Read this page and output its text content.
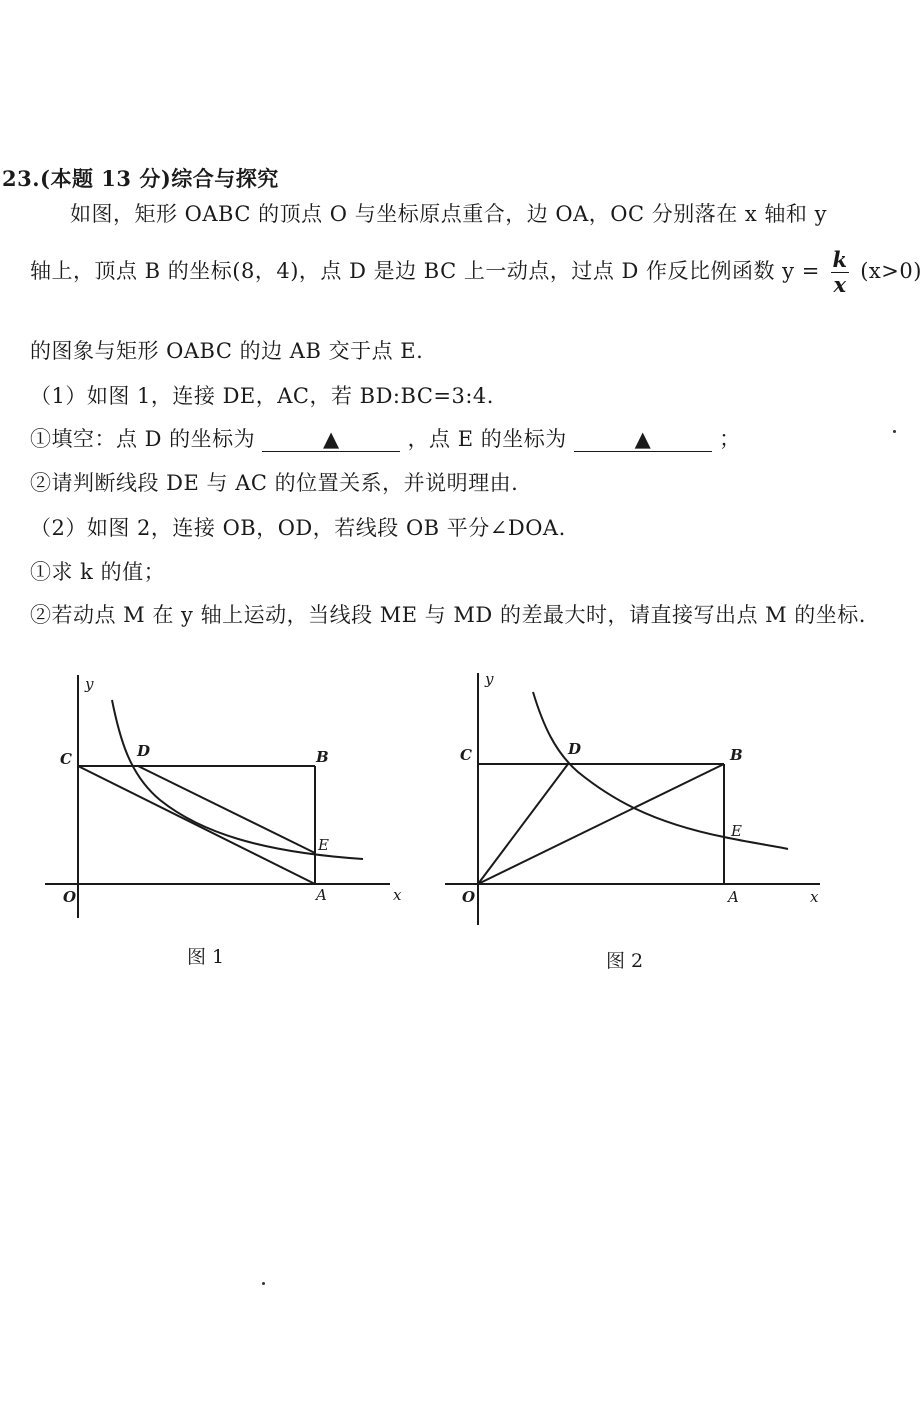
23.(本题 13 分)综合与探究
如图，矩形 OABC 的顶点 O 与坐标原点重合，边 OA，OC 分别落在 x 轴和 y
轴上，顶点 B 的坐标(8，4)，点 D 是边 BC 上一动点，过点 D 作反比例函数 $y = \frac{k}{x} (x>0)$
的图象与矩形 OABC 的边 AB 交于点 E.
（1）如图 1，连接 DE，AC，若 BD:BC=3:4.
①填空：点 D 的坐标为	▲	，点 E 的坐标为	▲	；
②请判断线段 DE 与 AC 的位置关系，并说明理由.
（2）如图 2，连接 OB，OD，若线段 OB 平分∠DOA.
①求 k 的值；
②若动点 M 在 y 轴上运动，当线段 ME 与 MD 的差最大时，请直接写出点 M 的坐标.
y
x
O	A
B
C	D
E
图 1
y
x
O	A
B
C	D
E
图 2
